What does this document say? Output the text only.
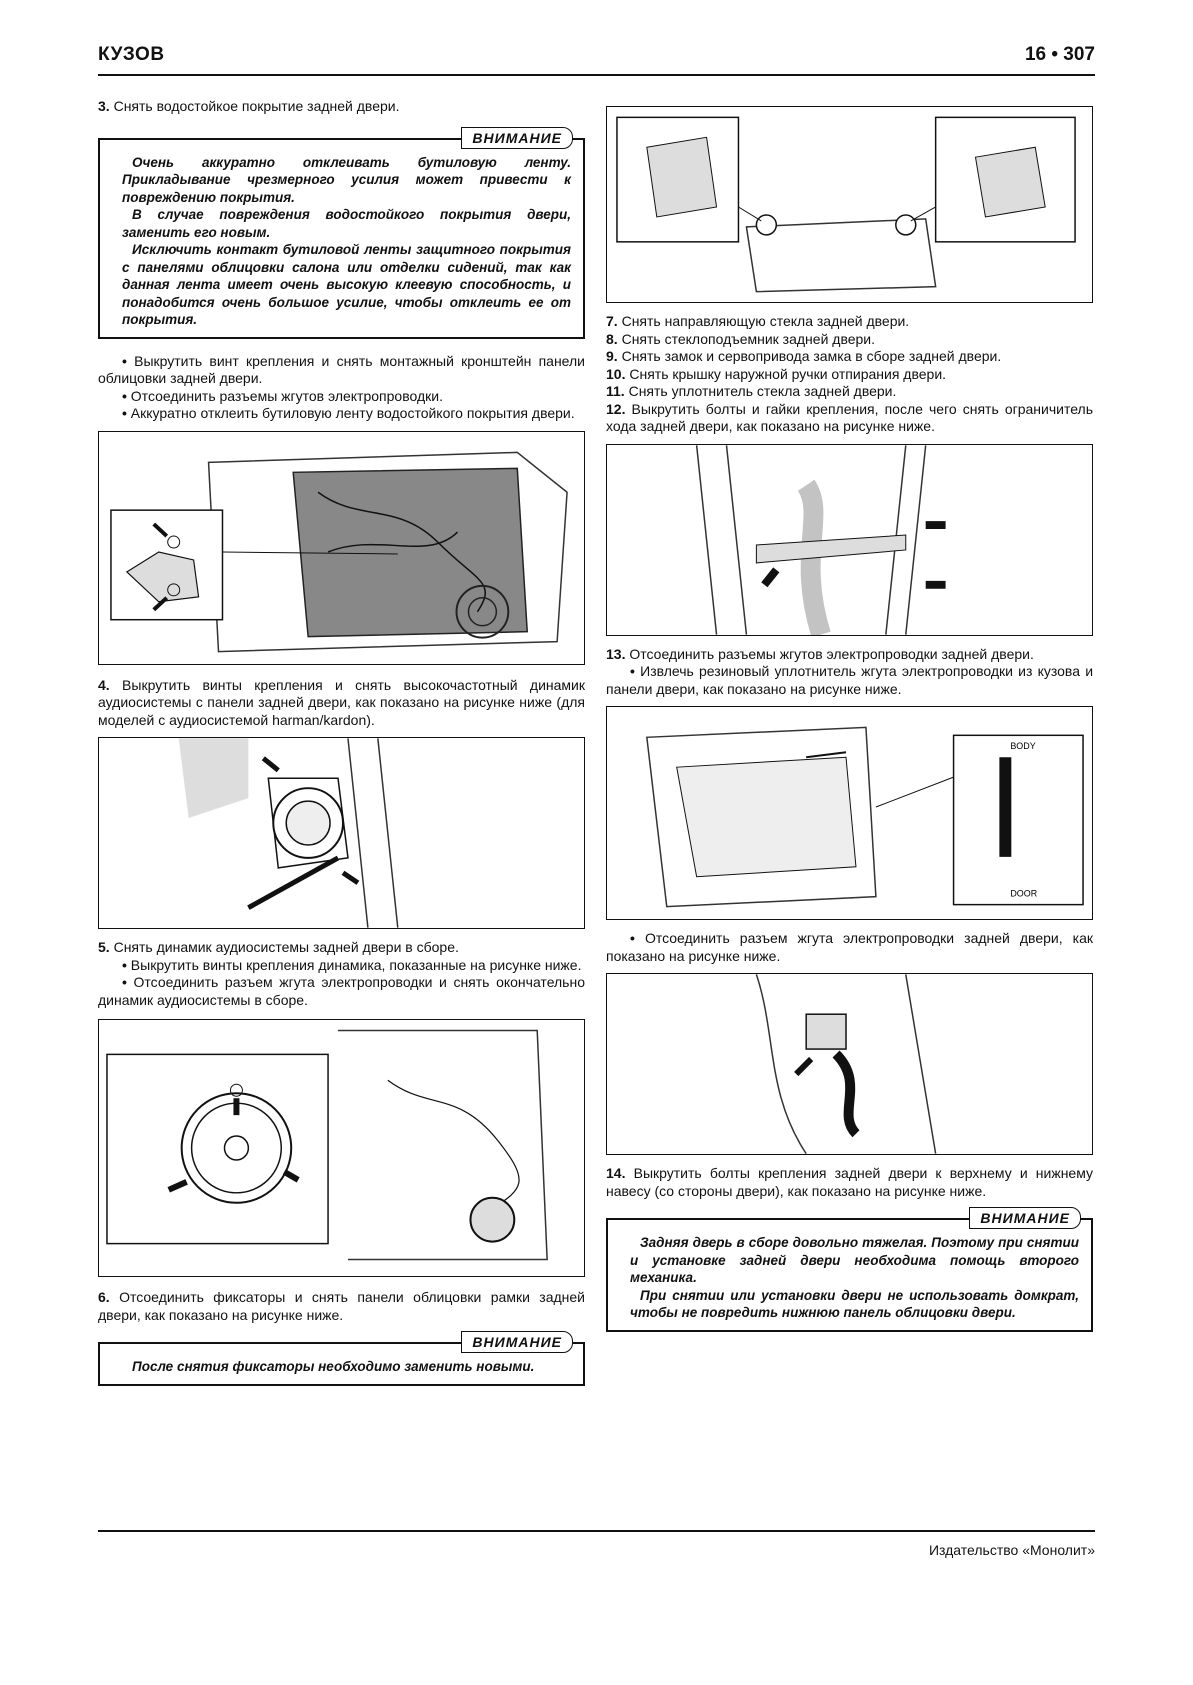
КУЗОВ	16 • 307

3. Снять водостойкое покрытие задней двери.

ВНИМАНИЕ

Очень аккуратно отклеивать бутиловую ленту. Прикладывание чрезмерного усилия может привести к повреждению покрытия.

В случае повреждения водостойкого покрытия двери, заменить его новым.

Исключить контакт бутиловой ленты защитного покрытия с панелями облицовки салона или отделки сидений, так как данная лента имеет очень высокую клеевую способность, и понадобится очень большое усилие, чтобы отклеить ее от покрытия.

• Выкрутить винт крепления и снять монтажный кронштейн панели облицовки задней двери.

• Отсоединить разъемы жгутов электропроводки.

• Аккуратно отклеить бутиловую ленту водостойкого покрытия двери.

4. Выкрутить винты крепления и снять высокочастотный динамик аудиосистемы с панели задней двери, как показано на рисунке ниже (для моделей с аудиосистемой harman/kardon).

5. Снять динамик аудиосистемы задней двери в сборе.

• Выкрутить винты крепления динамика, показанные на рисунке ниже.

• Отсоединить разъем жгута электропроводки и снять окончательно динамик аудиосистемы в сборе.

6. Отсоединить фиксаторы и снять панели облицовки рамки задней двери, как показано на рисунке ниже.

ВНИМАНИЕ

После снятия фиксаторы необходимо заменить новыми.

7. Снять направляющую стекла задней двери.

8. Снять стеклоподъемник задней двери.

9. Снять замок и сервопривода замка в сборе задней двери.

10. Снять крышку наружной ручки отпирания двери.

11. Снять уплотнитель стекла задней двери.

12. Выкрутить болты и гайки крепления, после чего снять ограничитель хода задней двери, как показано на рисунке ниже.

13. Отсоединить разъемы жгутов электропроводки задней двери.

• Извлечь резиновый уплотнитель жгута электропроводки из кузова и панели двери, как показано на рисунке ниже.

BODY
DOOR

• Отсоединить разъем жгута электропроводки задней двери, как показано на рисунке ниже.

14. Выкрутить болты крепления задней двери к верхнему и нижнему навесу (со стороны двери), как показано на рисунке ниже.

ВНИМАНИЕ

Задняя дверь в сборе довольно тяжелая. Поэтому при снятии и установке задней двери необходима помощь второго механика.

При снятии или установки двери не использовать домкрат, чтобы не повредить нижнюю панель облицовки двери.

Издательство «Монолит»
